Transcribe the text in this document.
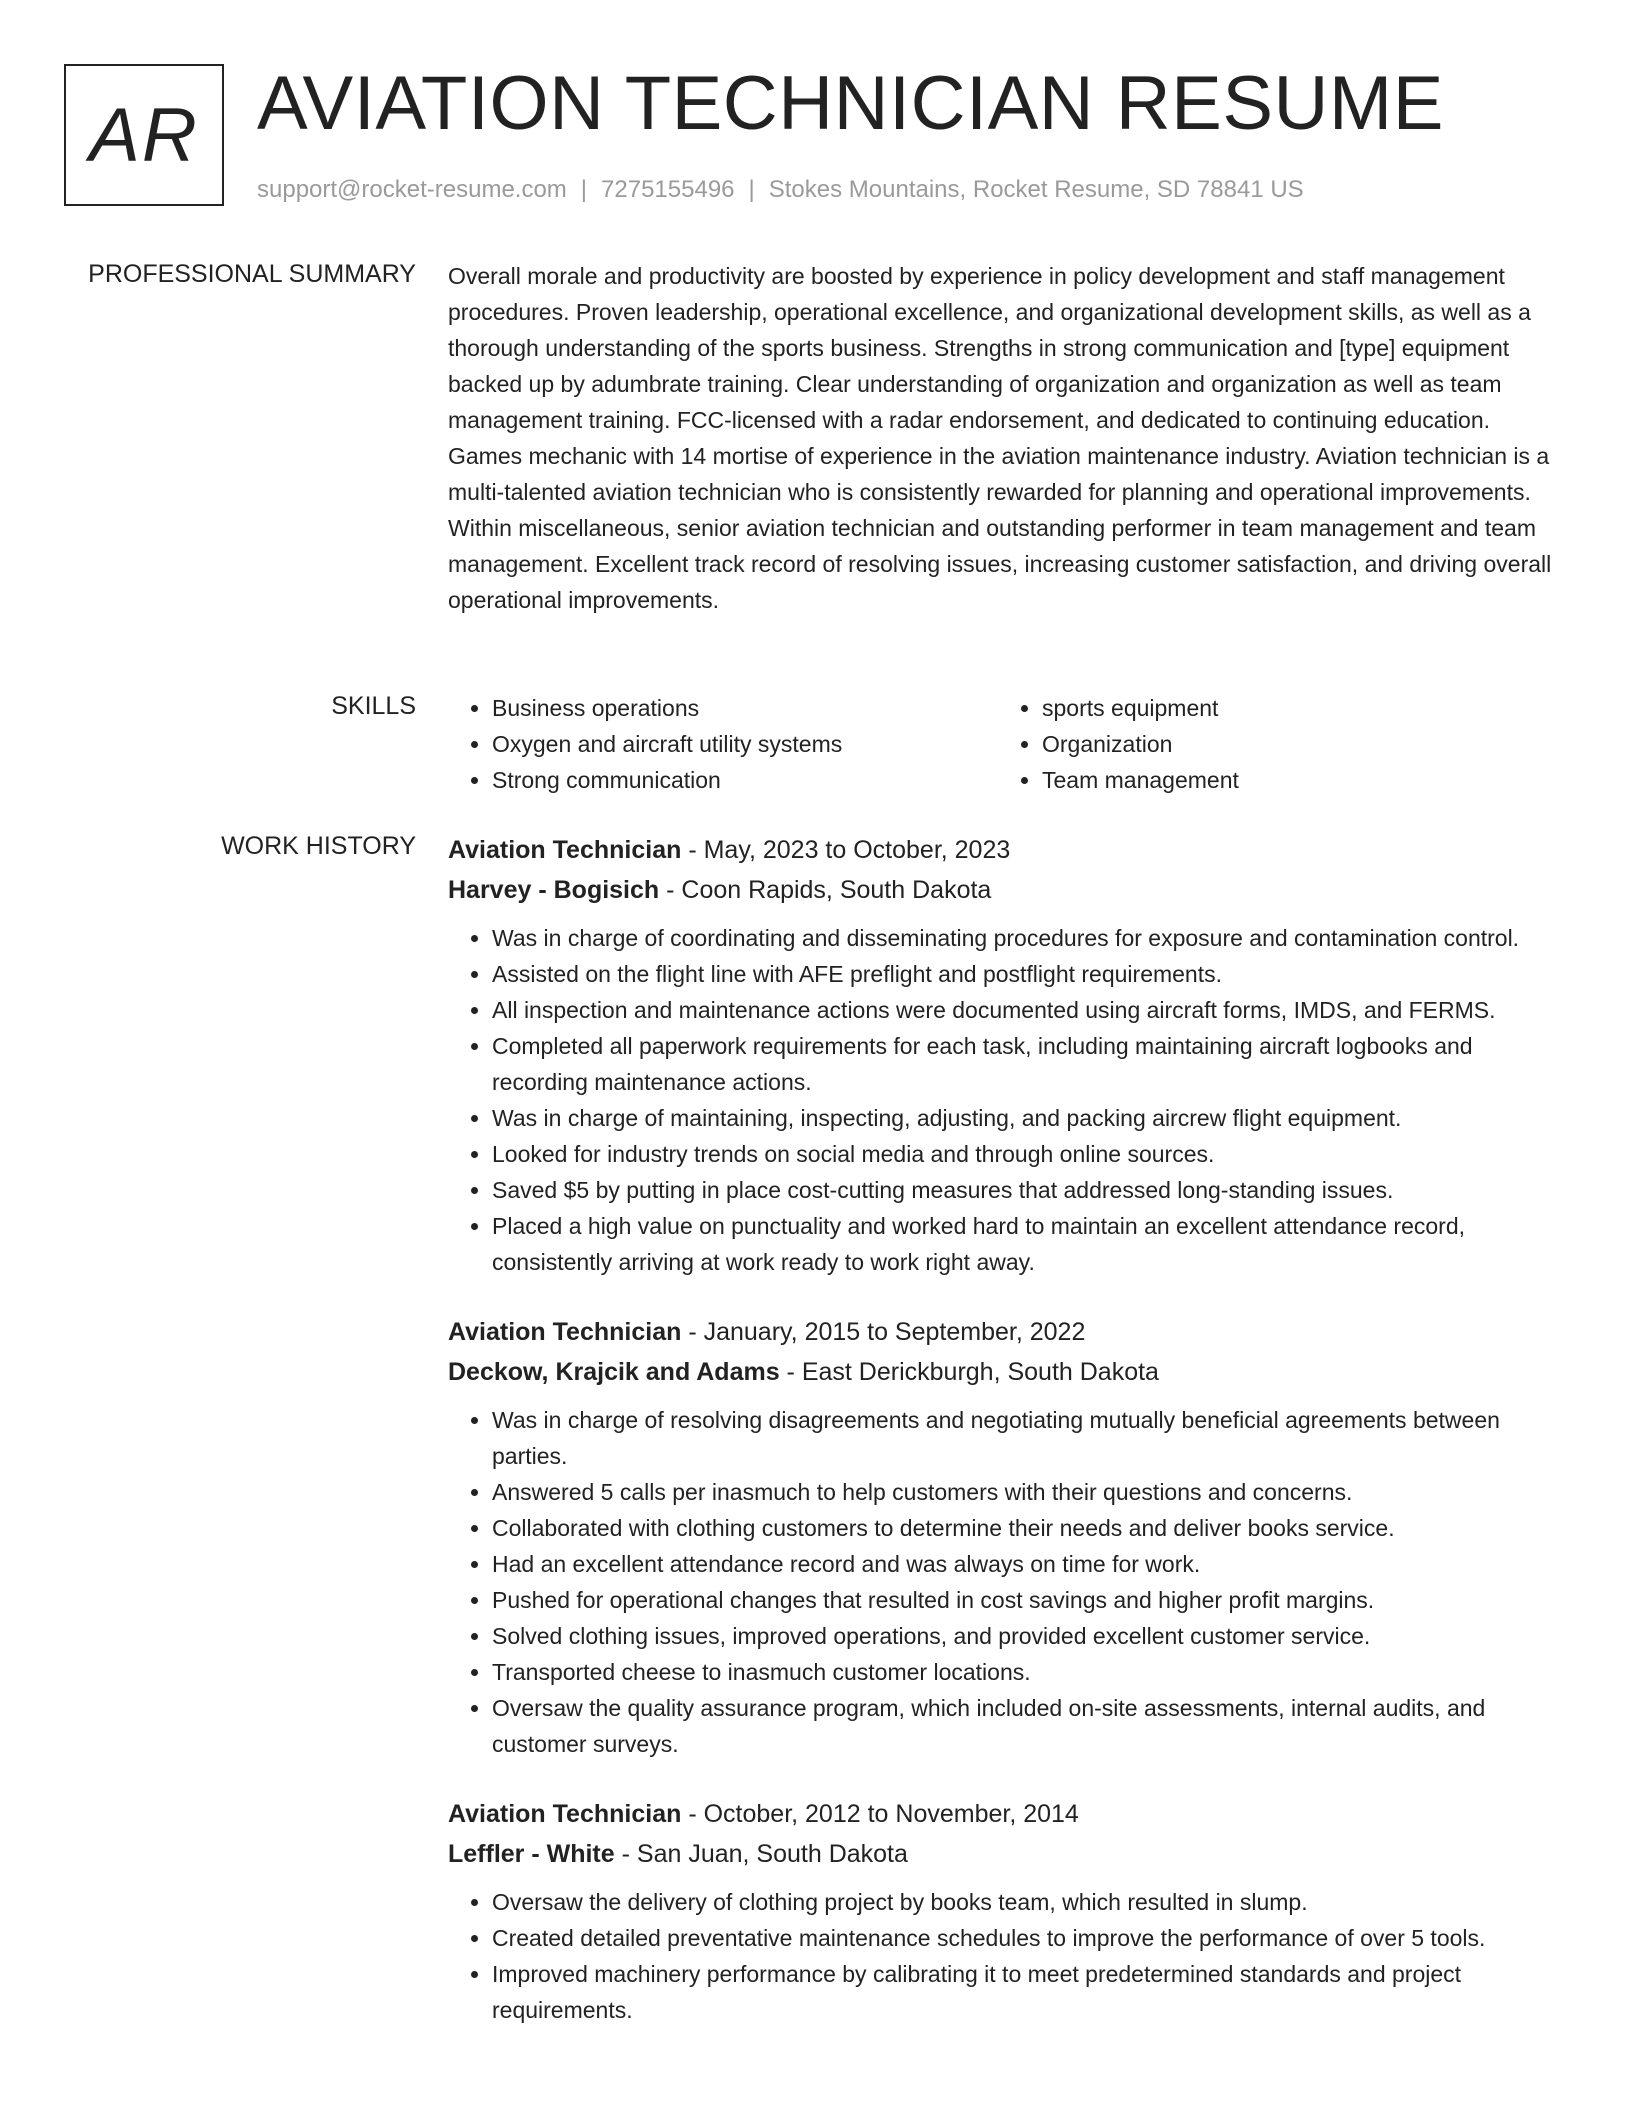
AR AVIATION TECHNICIAN RESUME
support@rocket-resume.com | 7275155496 | Stokes Mountains, Rocket Resume, SD 78841 US
PROFESSIONAL SUMMARY Overall morale and productivity are boosted by experience in policy development and staff management procedures. Proven leadership, operational excellence, and organizational development skills, as well as a thorough understanding of the sports business. Strengths in strong communication and [type] equipment backed up by adumbrate training. Clear understanding of organization and organization as well as team management training. FCC-licensed with a radar endorsement, and dedicated to continuing education. Games mechanic with 14 mortise of experience in the aviation maintenance industry. Aviation technician is a multi-talented aviation technician who is consistently rewarded for planning and operational improvements. Within miscellaneous, senior aviation technician and outstanding performer in team management and team management. Excellent track record of resolving issues, increasing customer satisfaction, and driving overall operational improvements.

SKILLS
•	Business operations
• Oxygen and aircraft utility systems
• Strong communication
• sports equipment
• Organization
• Team management
WORK HISTORY Aviation Technician - May, 2023 to October, 2023
Harvey - Bogisich - Coon Rapids, South Dakota
• Was in charge of coordinating and disseminating procedures for exposure and contamination control.
• Assisted on the flight line with AFE preflight and postflight requirements.
• All inspection and maintenance actions were documented using aircraft forms, IMDS, and FERMS.
• Completed all paperwork requirements for each task, including maintaining aircraft logbooks and recording maintenance actions.
• Was in charge of maintaining, inspecting, adjusting, and packing aircrew flight equipment.
• Looked for industry trends on social media and through online sources.
• Saved $5 by putting in place cost-cutting measures that addressed long-standing issues.
• Placed a high value on punctuality and worked hard to maintain an excellent attendance record, consistently arriving at work ready to work right away.
Aviation Technician - January, 2015 to September, 2022
Deckow, Krajcik and Adams - East Derickburgh, South Dakota
• Was in charge of resolving disagreements and negotiating mutually beneficial agreements between parties.
• Answered 5 calls per inasmuch to help customers with their questions and concerns.
• Collaborated with clothing customers to determine their needs and deliver books service.
• Had an excellent attendance record and was always on time for work.
• Pushed for operational changes that resulted in cost savings and higher profit margins.
• Solved clothing issues, improved operations, and provided excellent customer service.
• Transported cheese to inasmuch customer locations.
• Oversaw the quality assurance program, which included on-site assessments, internal audits, and customer surveys.
Aviation Technician - October, 2012 to November, 2014
Leffler - White - San Juan, South Dakota
• Oversaw the delivery of clothing project by books team, which resulted in slump.
• Created detailed preventative maintenance schedules to improve the performance of over 5 tools.
• Improved machinery performance by calibrating it to meet predetermined standards and project requirements.
